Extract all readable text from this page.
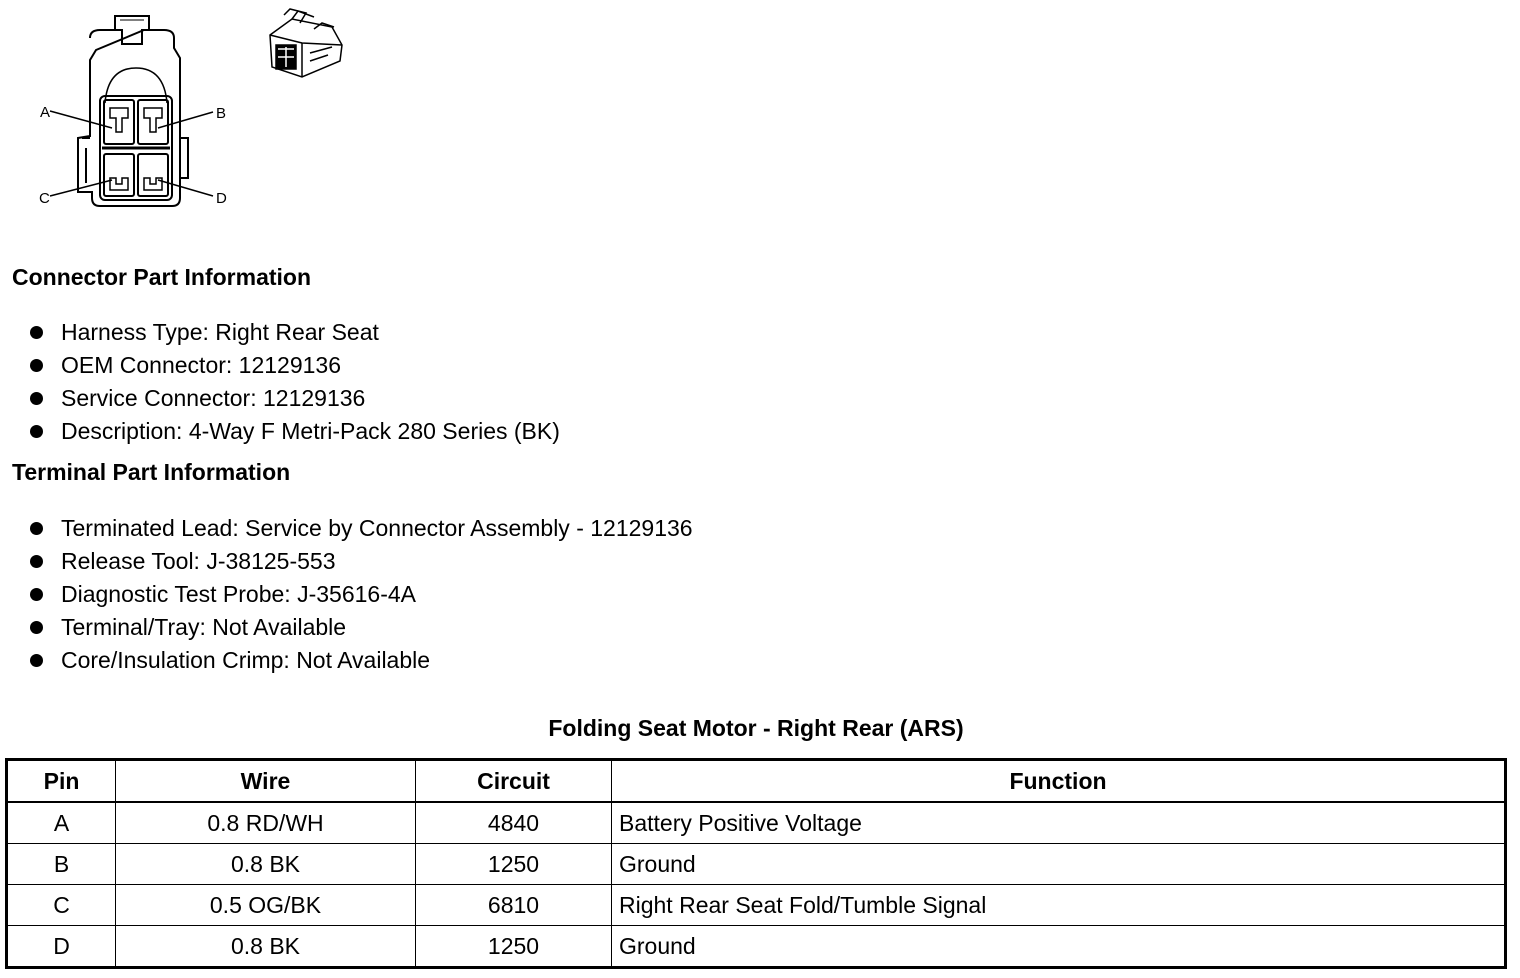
A	B
C	D
Connector Part Information
Harness Type: Right Rear Seat
OEM Connector: 12129136
Service Connector: 12129136
Description: 4-Way F Metri-Pack 280 Series (BK)
Terminal Part Information
Terminated Lead: Service by Connector Assembly - 12129136
Release Tool: J-38125-553
Diagnostic Test Probe: J-35616-4A
Terminal/Tray: Not Available
Core/Insulation Crimp: Not Available
Folding Seat Motor - Right Rear (ARS)
Pin	Wire	Circuit	Function
A	0.8 RD/WH	4840	Battery Positive Voltage
B	0.8 BK	1250	Ground
C	0.5 OG/BK	6810	Right Rear Seat Fold/Tumble Signal
D	0.8 BK	1250	Ground
